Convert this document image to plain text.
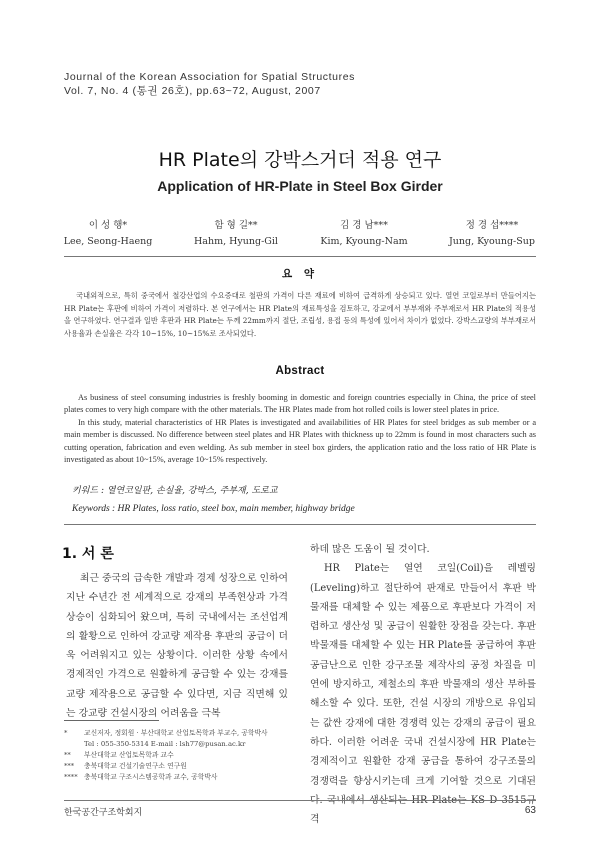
Journal of the Korean Association for Spatial Structures
Vol. 7, No. 4 (통권 26호), pp.63~72, August, 2007
HR Plate의 강박스거더 적용 연구
Application of HR-Plate in Steel Box Girder
이 성 행*
Lee, Seong-Haeng
함 형 길**
Hahm, Hyung-Gil
김 경 남***
Kim, Kyoung-Nam
정 경 섭****
Jung, Kyoung-Sup
요 약

국내외적으로, 특히 중국에서 철강산업의 수요증대로 철판의 가격이 다른 재료에 비하여 급격하게 상승되고 있다. 열연 코일로부터 만들어지는 HR Plate는 후판에 비하여 가격이 저렴하다. 본 연구에서는 HR Plate의 재료특성을 검토하고, 강교에서 부부재와 주부재로서 HR Plate의 적용성을 연구하였다. 연구결과 일반 후판과 HR Plate는 두께 22mm까지 절단, 조립성, 용접 등의 특성에 있어서 차이가 없었다. 강박스교량의 부부재로서 사용율과 손실율은 각각 10~15%, 10~15%로 조사되었다.

Abstract

As business of steel consuming industries is freshly booming in domestic and foreign countries especially in China, the price of steel plates comes to very high compare with the other materials. The HR Plates made from hot rolled coils is lower steel plates in price.

In this study, material characteristics of HR Plates is investigated and availabilities of HR Plates for steel bridges as sub member or a main member is discussed. No difference between steel plates and HR Plates with thickness up to 22mm is found in most characters such as cutting operation, fabrication and even welding. As sub member in steel box girders, the application ratio and the loss ratio of HR Plate is investigated as about 10~15%, average 10~15% respectively.

키워드 : 열연코일판, 손실율, 강박스, 주부재, 도로교
Keywords : HR Plates, loss ratio, steel box, main member, highway bridge
1. 서 론

최근 중국의 급속한 개발과 경제 성장으로 인하여 지난 수년간 전 세계적으로 강재의 부족현상과 가격 상승이 심화되어 왔으며, 특히 국내에서는 조선업계의 활황으로 인하여 강교량 제작용 후판의 공급이 더욱 어려워지고 있는 상황이다. 이러한 상황 속에서 경제적인 가격으로 원활하게 공급할 수 있는 강재를 교량 제작용으로 공급할 수 있다면, 지금 직면해 있는 강교량 건설시장의 어려움을 극복

하데 많은 도움이 될 것이다.

HR Plate는 열연 코일(Coil)을 레벨링(Leveling)하고 절단하여 판재로 만들어서 후판 박물재를 대체할 수 있는 제품으로 후판보다 가격이 저렴하고 생산성 및 공급이 원활한 장점을 갖는다. 후판 박물재를 대체할 수 있는 HR Plate를 공급하여 후판 공급난으로 인한 강구조물 제작사의 공정 차질을 미연에 방지하고, 제철소의 후판 박물재의 생산 부하를 해소할 수 있다. 또한, 건설 시장의 개방으로 유입되는 값싼 강재에 대한 경쟁력 있는 강재의 공급이 필요하다. 이러한 어려운 국내 건설시장에 HR Plate는 경제적이고 원활한 강재 공급을 통하여 강구조물의 경쟁력을 향상시키는데 크게 기여할 것으로 기대된다. 국내에서 생산되는 HR Plate는 KS D 3515규격

*	교신저자, 정회원 · 부산대학교 산업토목학과 부교수, 공학박사
Tel : 055-350-5314 E-mail : lsh77@pusan.ac.kr
**	부산대학교 산업토목학과 교수
***	충북대학교 건설기술연구소 연구원
**** 충북대학교 구조시스템공학과 교수, 공학박사
한국공간구조학회지	63
